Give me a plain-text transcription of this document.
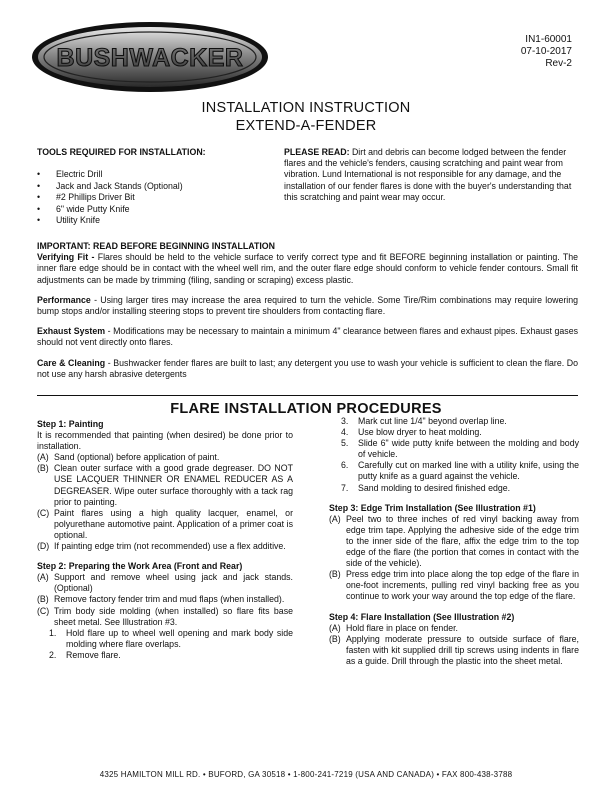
BUSHWACKER
IN1-60001
07-10-2017
Rev-2
INSTALLATION INSTRUCTION
EXTEND-A-FENDER
TOOLS REQUIRED FOR INSTALLATION:
• Electric Drill
• Jack and Jack Stands (Optional)
• #2 Phillips Driver Bit
• 6" wide Putty Knife
• Utility Knife
PLEASE READ: Dirt and debris can become lodged between the fender flares and the vehicle's fenders, causing scratching and paint wear from vibration. Lund International is not responsible for any damage, and the installation of our fender flares is done with the buyer's understanding that this scratching and paint wear may occur.

IMPORTANT: READ BEFORE BEGINNING INSTALLATION

Verifying Fit - Flares should be held to the vehicle surface to verify correct type and fit BEFORE beginning installation or painting. The inner flare edge should be in contact with the wheel well rim, and the outer flare edge should conform to vehicle fender contours. Small fit adjustments can be made by trimming (filing, sanding or scraping) excess plastic.

Performance - Using larger tires may increase the area required to turn the vehicle. Some Tire/Rim combinations may require lowering bump stops and/or installing steering stops to prevent tire shoulders from contacting flare.

Exhaust System - Modifications may be necessary to maintain a minimum 4" clearance between flares and exhaust pipes. Exhaust gases should not vent directly onto flares.

Care & Cleaning - Bushwacker fender flares are built to last; any detergent you use to wash your vehicle is sufficient to clean the flare. Do not use any harsh abrasive detergents

FLARE INSTALLATION PROCEDURES
Step 1: Painting
It is recommended that painting (when desired) be done prior to installation.
(A) Sand (optional) before application of paint.
(B) Clean outer surface with a good grade degreaser. DO NOT USE LACQUER THINNER OR ENAMEL REDUCER AS A DEGREASER. Wipe outer surface thoroughly with a tack rag prior to painting.
(C) Paint flares using a high quality lacquer, enamel, or polyurethane automotive paint. Application of a primer coat is optional.
(D) If painting edge trim (not recommended) use a flex additive.
Step 2: Preparing the Work Area (Front and Rear)
(A) Support and remove wheel using jack and jack stands. (Optional)
(B) Remove factory fender trim and mud flaps (when installed).
(C) Trim body side molding (when installed) so flare fits base sheet metal. See Illustration #3.
1.	Hold flare up to wheel well opening and mark body side molding where flare overlaps.
2.	Remove flare.
3.	Mark cut line 1/4" beyond overlap line.
4.	Use blow dryer to heat molding.
5.	Slide 6" wide putty knife between the molding and body of vehicle.
6.	Carefully cut on marked line with a utility knife, using the putty knife as a guard against the vehicle.
7.	Sand molding to desired finished edge.
Step 3: Edge Trim Installation (See Illustration #1)
(A) Peel two to three inches of red vinyl backing away from edge trim tape. Applying the adhesive side of the edge trim to the inner side of the flare, affix the edge trim to the top edge of the flare (the portion that comes in contact with the side of the vehicle).
(B) Press edge trim into place along the top edge of the flare in one-foot increments, pulling red vinyl backing free as you continue to work your way around the top edge of the flare.
Step 4: Flare Installation (See Illustration #2)
(A) Hold flare in place on fender.
(B) Applying moderate pressure to outside surface of flare, fasten with kit supplied drill tip screws using indents in flare as a guide. Drill through the plastic into the sheet metal.
4325 HAMILTON MILL RD. • BUFORD, GA 30518 • 1-800-241-7219 (USA AND CANADA) • FAX 800-438-3788
